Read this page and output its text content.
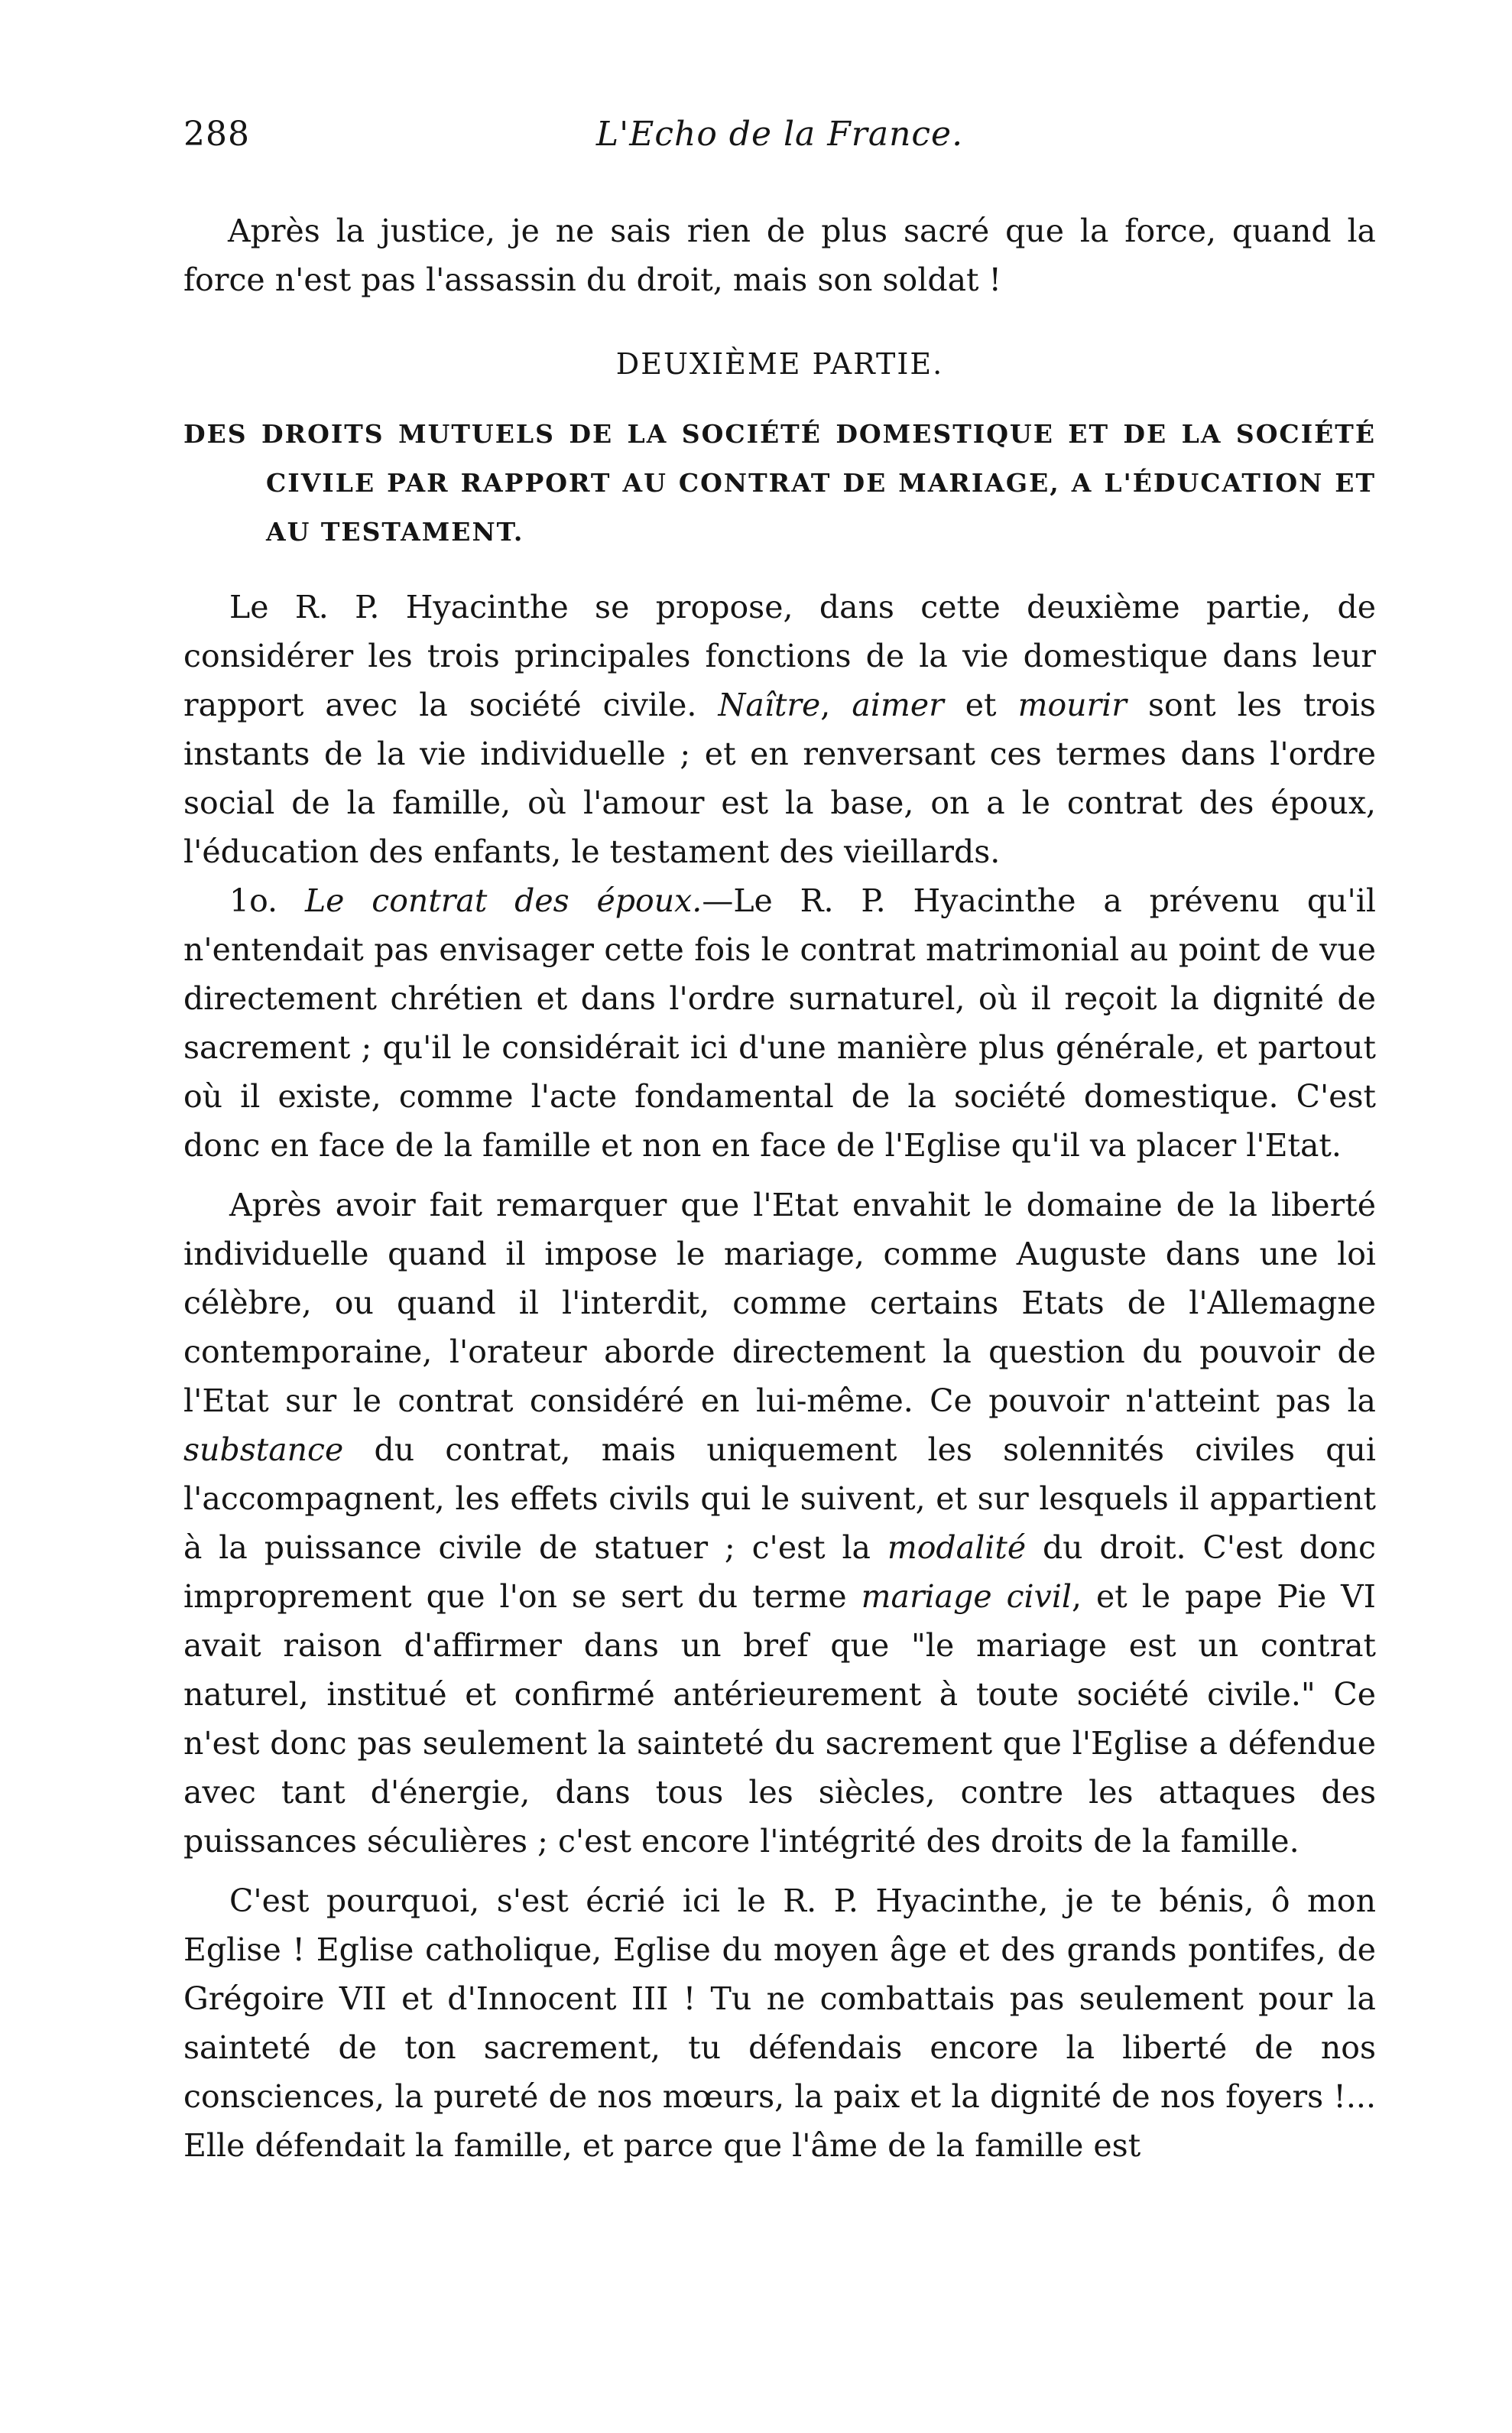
288	L'Echo de la France.

Après la justice, je ne sais rien de plus sacré que la force, quand la force n'est pas l'assassin du droit, mais son soldat !

DEUXIÈME PARTIE.
DES DROITS MUTUELS DE LA SOCIÉTÉ DOMESTIQUE ET DE LA SOCIÉTÉ CIVILE PAR RAPPORT AU CONTRAT DE MARIAGE, A L'ÉDUCATION ET AU TESTAMENT.

Le R. P. Hyacinthe se propose, dans cette deuxième partie, de considérer les trois principales fonctions de la vie domestique dans leur rapport avec la société civile. Naître, aimer et mourir sont les trois instants de la vie individuelle ; et en renversant ces termes dans l'ordre social de la famille, où l'amour est la base, on a le contrat des époux, l'éducation des enfants, le testament des vieillards.

1o. Le contrat des époux.—Le R. P. Hyacinthe a prévenu qu'il n'entendait pas envisager cette fois le contrat matrimonial au point de vue directement chrétien et dans l'ordre surnaturel, où il reçoit la dignité de sacrement ; qu'il le considérait ici d'une manière plus générale, et partout où il existe, comme l'acte fondamental de la société domestique. C'est donc en face de la famille et non en face de l'Eglise qu'il va placer l'Etat.

Après avoir fait remarquer que l'Etat envahit le domaine de la liberté individuelle quand il impose le mariage, comme Auguste dans une loi célèbre, ou quand il l'interdit, comme certains Etats de l'Allemagne contemporaine, l'orateur aborde directement la question du pouvoir de l'Etat sur le contrat considéré en lui-même. Ce pouvoir n'atteint pas la substance du contrat, mais uniquement les solennités civiles qui l'accompagnent, les effets civils qui le suivent, et sur lesquels il appartient à la puissance civile de statuer ; c'est la modalité du droit. C'est donc improprement que l'on se sert du terme mariage civil, et le pape Pie VI avait raison d'affirmer dans un bref que "le mariage est un contrat naturel, institué et confirmé antérieurement à toute société civile." Ce n'est donc pas seulement la sainteté du sacrement que l'Eglise a défendue avec tant d'énergie, dans tous les siècles, contre les attaques des puissances séculières ; c'est encore l'intégrité des droits de la famille.

C'est pourquoi, s'est écrié ici le R. P. Hyacinthe, je te bénis, ô mon Eglise ! Eglise catholique, Eglise du moyen âge et des grands pontifes, de Grégoire VII et d'Innocent III ! Tu ne combattais pas seulement pour la sainteté de ton sacrement, tu défendais encore la liberté de nos consciences, la pureté de nos mœurs, la paix et la dignité de nos foyers !... Elle défendait la famille, et parce que l'âme de la famille est
